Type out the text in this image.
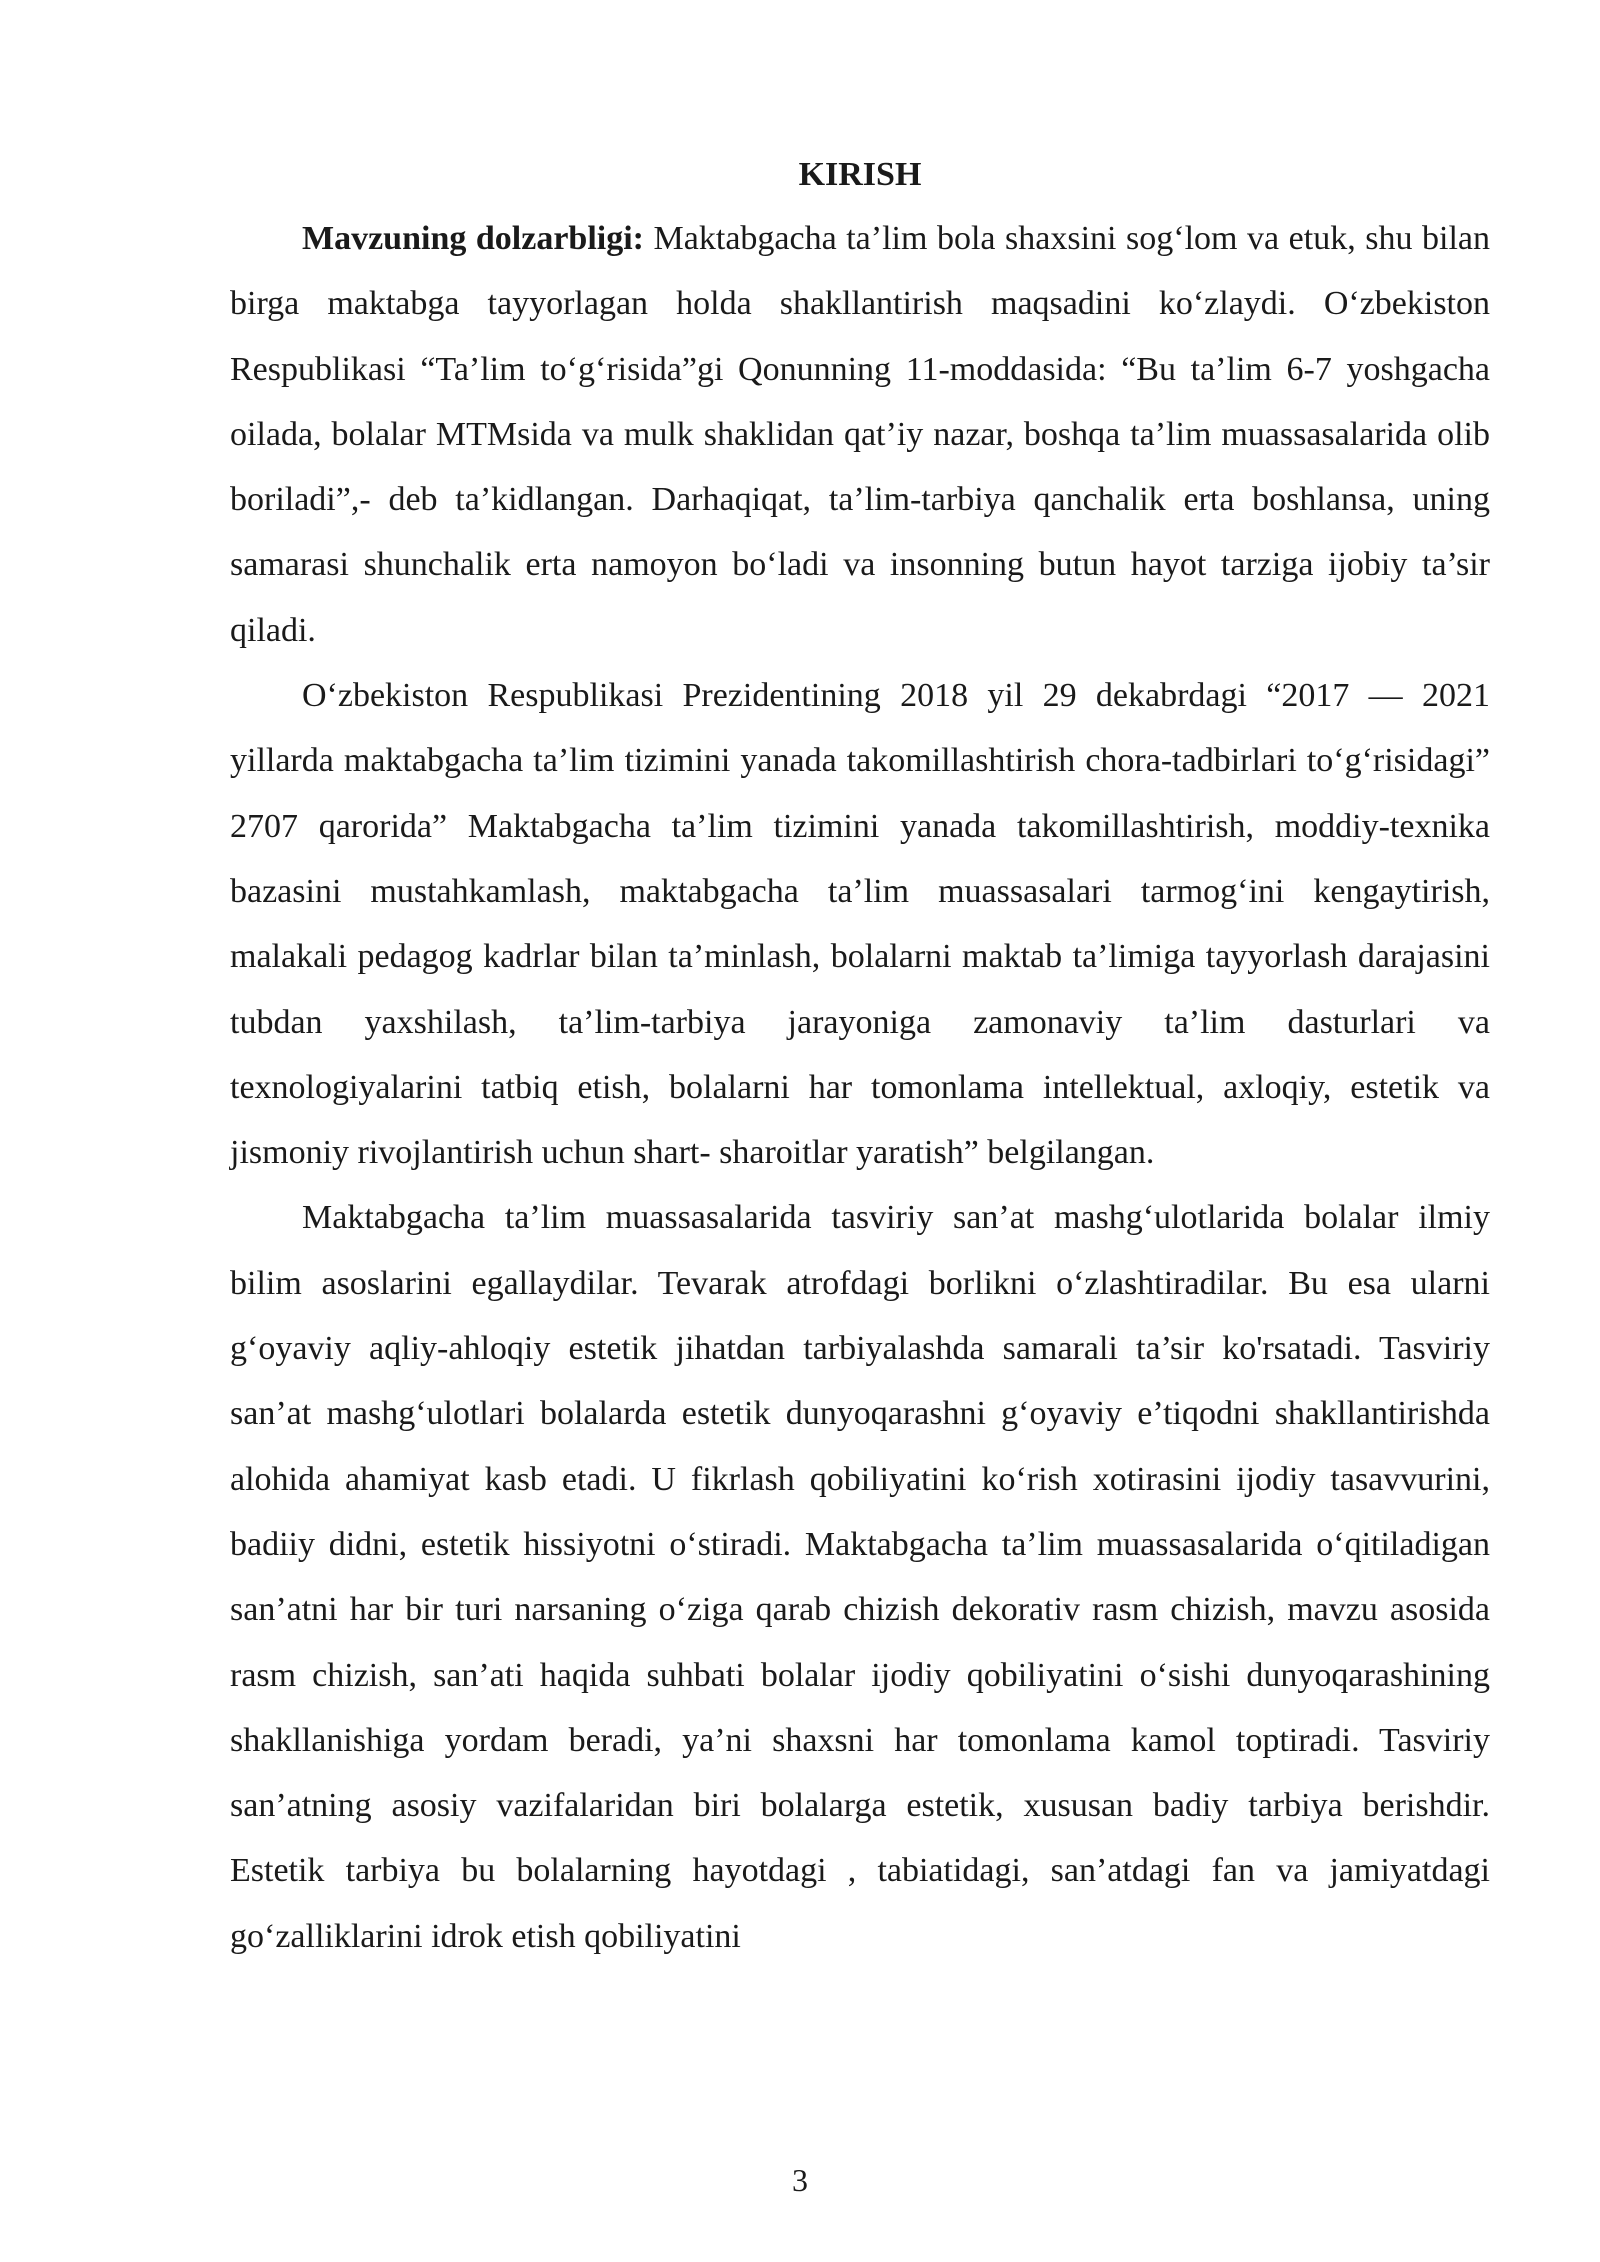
KIRISH

Mavzuning dolzarbligi: Maktabgacha ta’lim bola shaxsini sog‘lom va etuk, shu bilan birga maktabga tayyorlagan holda shakllantirish maqsadini ko‘zlaydi. O‘zbekiston Respublikasi “Ta’lim to‘g‘risida”gi Qonunning 11-moddasida: “Bu ta’lim 6-7 yoshgacha oilada, bolalar MTMsida va mulk shaklidan qat’iy nazar, boshqa ta’lim muassasalarida olib boriladi”,- deb ta’kidlangan. Darhaqiqat, ta’lim-tarbiya qanchalik erta boshlansa, uning samarasi shunchalik erta namoyon bo‘ladi va insonning butun hayot tarziga ijobiy ta’sir qiladi.

O‘zbekiston Respublikasi Prezidentining 2018 yil 29 dekabrdagi “2017 — 2021 yillarda maktabgacha ta’lim tizimini yanada takomillashtirish chora-tadbirlari to‘g‘risidagi” 2707 qarorida” Maktabgacha ta’lim tizimini yanada takomillashtirish, moddiy-texnika bazasini mustahkamlash, maktabgacha ta’lim muassasalari tarmog‘ini kengaytirish, malakali pedagog kadrlar bilan ta’minlash, bolalarni maktab ta’limiga tayyorlash darajasini tubdan yaxshilash, ta’lim-tarbiya jarayoniga zamonaviy ta’lim dasturlari va texnologiyalarini tatbiq etish, bolalarni har tomonlama intellektual, axloqiy, estetik va jismoniy rivojlantirish uchun shart- sharoitlar yaratish” belgilangan.

Maktabgacha ta’lim muassasalarida tasviriy san’at mashg‘ulotlarida bolalar ilmiy bilim asoslarini egallaydilar. Tevarak atrofdagi borlikni o‘zlashtiradilar. Bu esa ularni g‘oyaviy aqliy-ahloqiy estetik jihatdan tarbiyalashda samarali ta’sir ko'rsatadi. Tasviriy san’at mashg‘ulotlari bolalarda estetik dunyoqarashni g‘oyaviy e’tiqodni shakllantirishda alohida ahamiyat kasb etadi. U fikrlash qobiliyatini ko‘rish xotirasini ijodiy tasavvurini, badiiy didni, estetik hissiyotni o‘stiradi. Maktabgacha ta’lim muassasalarida o‘qitiladigan san’atni har bir turi narsaning o‘ziga qarab chizish dekorativ rasm chizish, mavzu asosida rasm chizish, san’ati haqida suhbati bolalar ijodiy qobiliyatini o‘sishi dunyoqarashining shakllanishiga yordam beradi, ya’ni shaxsni har tomonlama kamol toptiradi. Tasviriy san’atning asosiy vazifalaridan biri bolalarga estetik, xususan badiy tarbiya berishdir. Estetik tarbiya bu bolalarning hayotdagi , tabiatidagi, san’atdagi fan va jamiyatdagi go‘zalliklarini idrok etish qobiliyatini

3
